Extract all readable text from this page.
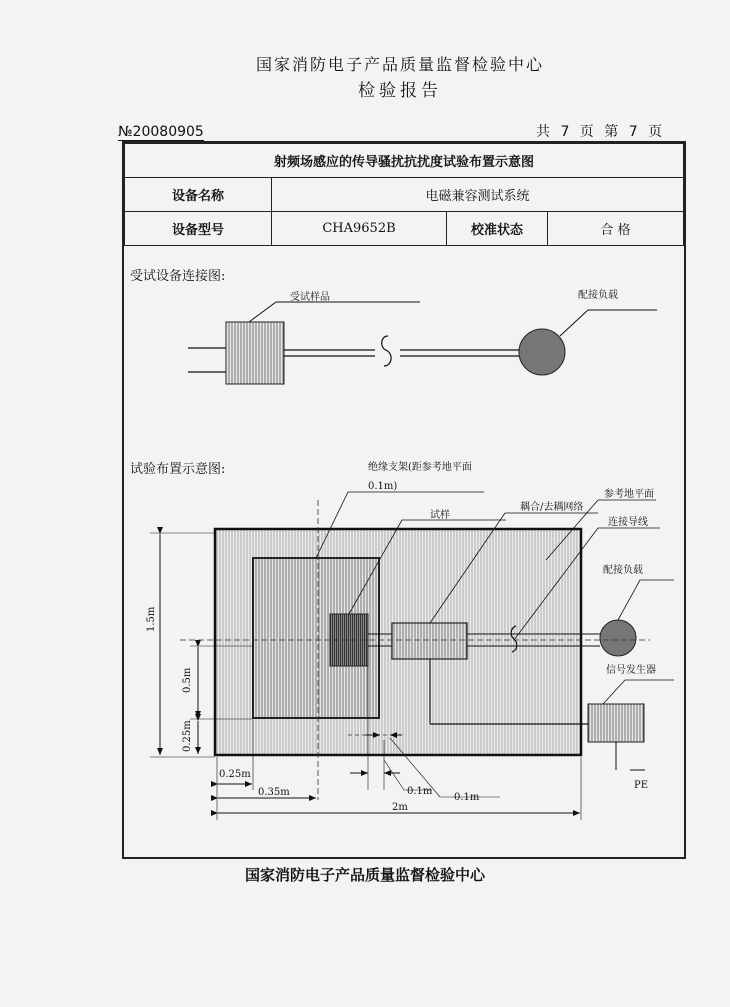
国家消防电子产品质量监督检验中心
检验报告
№20080905	共 7 页 第 7 页
射频场感应的传导骚扰抗扰度试验布置示意图			
设备名称	电磁兼容测试系统		
设备型号	CHA9652B	校准状态	合 格
受试设备连接图:
试验布置示意图:
受试样品	配接负载
绝缘支架(距参考地平面
0.1m)
试样
耦合/去耦网络
参考地平面
连接导线
配接负载
信号发生器
PE
1.5m
0.5m
0.25m
0.25m
0.35m	0.1m
0.1m
2m
国家消防电子产品质量监督检验中心
